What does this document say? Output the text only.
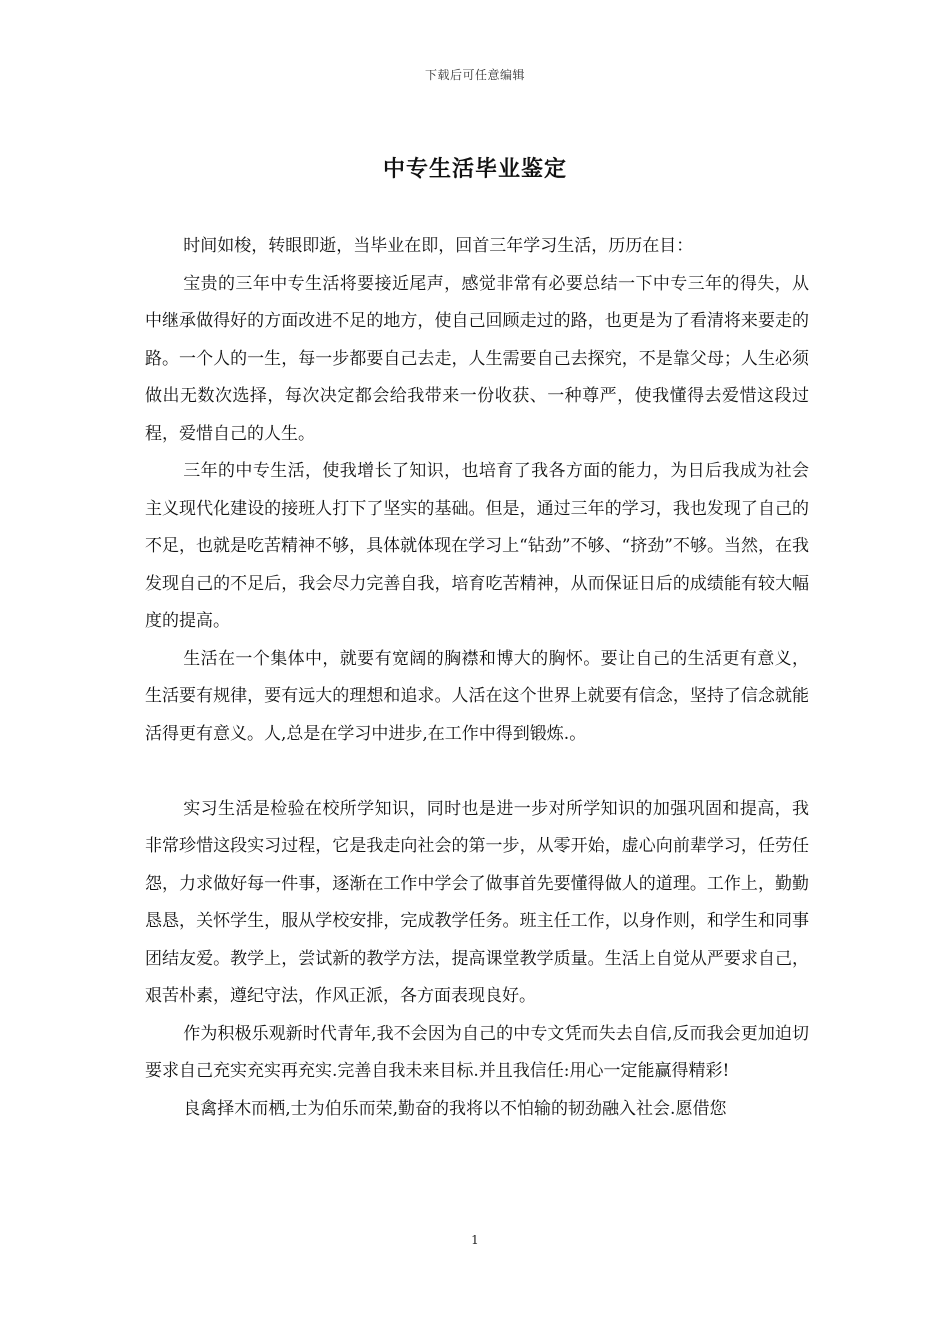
下载后可任意编辑
中专生活毕业鉴定

时间如梭，转眼即逝，当毕业在即，回首三年学习生活，历历在目：

宝贵的三年中专生活将要接近尾声，感觉非常有必要总结一下中专三年的得失，从中继承做得好的方面改进不足的地方，使自己回顾走过的路，也更是为了看清将来要走的路。一个人的一生，每一步都要自己去走，人生需要自己去探究，不是靠父母；人生必须做出无数次选择，每次决定都会给我带来一份收获、一种尊严，使我懂得去爱惜这段过程，爱惜自己的人生。

三年的中专生活，使我增长了知识，也培育了我各方面的能力，为日后我成为社会主义现代化建设的接班人打下了坚实的基础。但是，通过三年的学习，我也发现了自己的不足，也就是吃苦精神不够，具体就体现在学习上“钻劲”不够、“挤劲”不够。当然，在我发现自己的不足后，我会尽力完善自我，培育吃苦精神，从而保证日后的成绩能有较大幅度的提高。

生活在一个集体中，就要有宽阔的胸襟和博大的胸怀。要让自己的生活更有意义，生活要有规律，要有远大的理想和追求。人活在这个世界上就要有信念，坚持了信念就能活得更有意义。人,总是在学习中进步,在工作中得到锻炼.。

实习生活是检验在校所学知识，同时也是进一步对所学知识的加强巩固和提高，我非常珍惜这段实习过程，它是我走向社会的第一步，从零开始，虚心向前辈学习，任劳任怨，力求做好每一件事，逐渐在工作中学会了做事首先要懂得做人的道理。工作上，勤勤恳恳，关怀学生，服从学校安排，完成教学任务。班主任工作，以身作则，和学生和同事团结友爱。教学上，尝试新的教学方法，提高课堂教学质量。生活上自觉从严要求自己，艰苦朴素，遵纪守法，作风正派，各方面表现良好。

作为积极乐观新时代青年,我不会因为自己的中专文凭而失去自信,反而我会更加迫切要求自己充实充实再充实.完善自我未来目标.并且我信任:用心一定能赢得精彩!

良禽择木而栖,士为伯乐而荣,勤奋的我将以不怕输的韧劲融入社会.愿借您

1
